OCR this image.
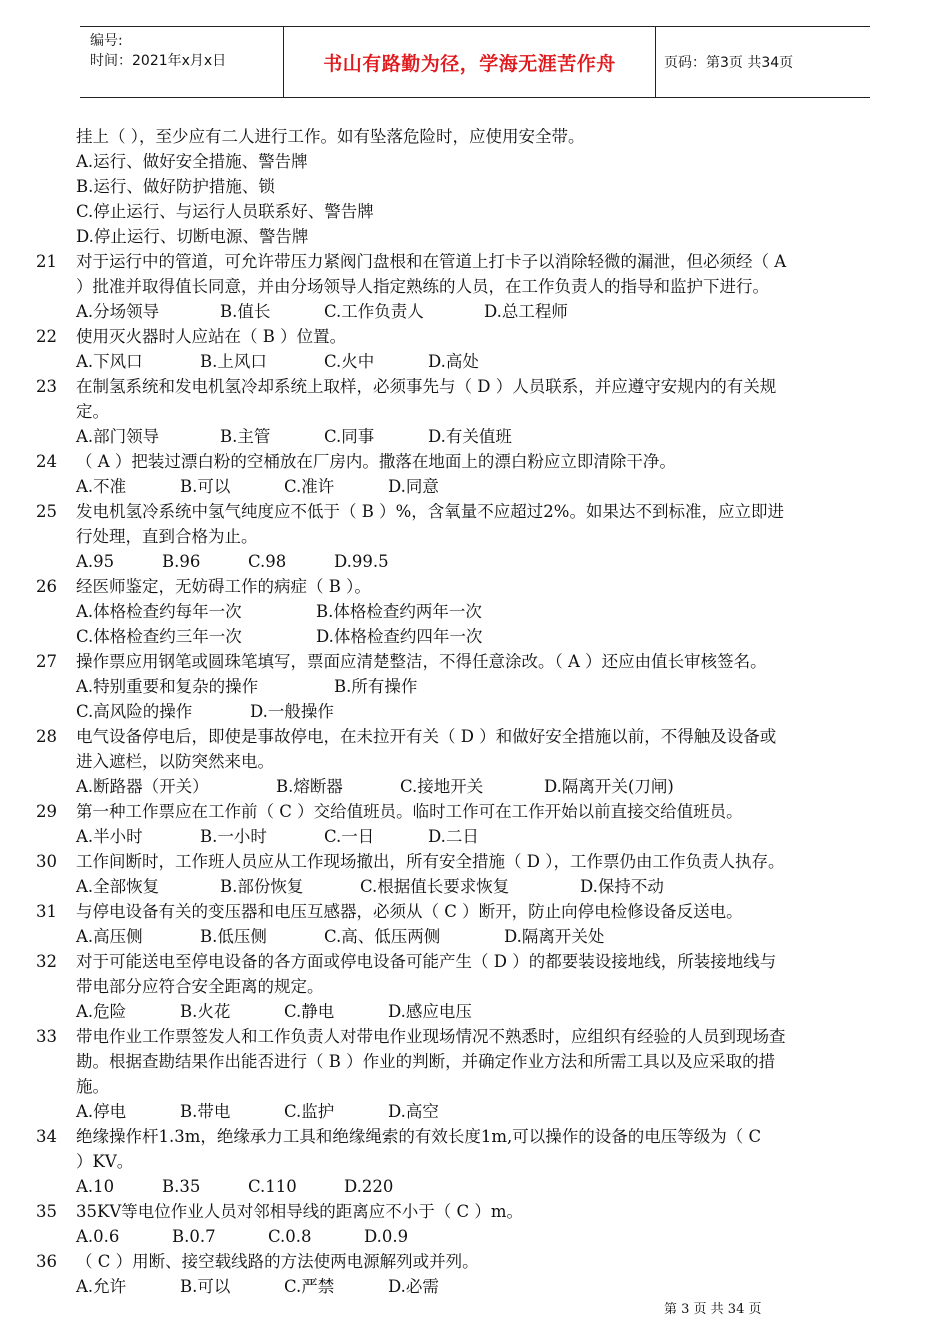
编号:
时间：2021年x月x日	书山有路勤为径，学海无涯苦作舟	页码：第3页 共34页
挂上（ ），至少应有二人进行工作。如有坠落危险时，应使用安全带。
A.运行、做好安全措施、警告牌
B.运行、做好防护措施、锁
C.停止运行、与运行人员联系好、警告牌
D.停止运行、切断电源、警告牌
21	对于运行中的管道，可允许带压力紧阀门盘根和在管道上打卡子以消除轻微的漏泄，但必须经（ A
）批准并取得值长同意，并由分场领导人指定熟练的人员，在工作负责人的指导和监护下进行。
A.分场领导	B.值长	C.工作负责人	D.总工程师
22	使用灭火器时人应站在（ B ）位置。
A.下风口	B.上风口	C.火中	D.高处
23	在制氢系统和发电机氢冷却系统上取样，必须事先与（ D ）人员联系，并应遵守安规内的有关规
定。
A.部门领导	B.主管	C.同事	D.有关值班
24	（ A ）把装过漂白粉的空桶放在厂房内。撒落在地面上的漂白粉应立即清除干净。
A.不准	B.可以	C.准许	D.同意
25	发电机氢冷系统中氢气纯度应不低于（ B ）%，含氧量不应超过2%。如果达不到标准，应立即进
行处理，直到合格为止。
A.95	B.96	C.98	D.99.5
26	经医师鉴定，无妨碍工作的病症（ B ）。
A.体格检查约每年一次	B.体格检查约两年一次
C.体格检查约三年一次	D.体格检查约四年一次
27	操作票应用钢笔或圆珠笔填写，票面应清楚整洁，不得任意涂改。（ A ）还应由值长审核签名。
A.特别重要和复杂的操作	B.所有操作
C.高风险的操作	D.一般操作
28	电气设备停电后，即使是事故停电，在未拉开有关（ D ）和做好安全措施以前，不得触及设备或
进入遮栏，以防突然来电。
A.断路器（开关）	B.熔断器	C.接地开关	D.隔离开关(刀闸)
29	第一种工作票应在工作前（ C ）交给值班员。临时工作可在工作开始以前直接交给值班员。
A.半小时	B.一小时	C.一日	D.二日
30	工作间断时，工作班人员应从工作现场撤出，所有安全措施（ D ），工作票仍由工作负责人执存。
A.全部恢复	B.部份恢复	C.根据值长要求恢复	D.保持不动
31	与停电设备有关的变压器和电压互感器，必须从（ C ）断开，防止向停电检修设备反送电。
A.高压侧	B.低压侧	C.高、低压两侧	D.隔离开关处
32	对于可能送电至停电设备的各方面或停电设备可能产生（ D ）的都要装设接地线，所装接地线与
带电部分应符合安全距离的规定。
A.危险	B.火花	C.静电	D.感应电压
33	带电作业工作票签发人和工作负责人对带电作业现场情况不熟悉时，应组织有经验的人员到现场查
勘。根据查勘结果作出能否进行（ B ）作业的判断，并确定作业方法和所需工具以及应采取的措
施。
A.停电	B.带电	C.监护	D.高空
34	绝缘操作杆1.3m，绝缘承力工具和绝缘绳索的有效长度1m,可以操作的设备的电压等级为（ C
）KV。
A.10	B.35	C.110	D.220
35	35KV等电位作业人员对邻相导线的距离应不小于（ C ）m。
A.0.6	B.0.7	C.0.8	D.0.9
36	（ C ）用断、接空载线路的方法使两电源解列或并列。
A.允许	B.可以	C.严禁	D.必需
第 3 页 共 34 页
